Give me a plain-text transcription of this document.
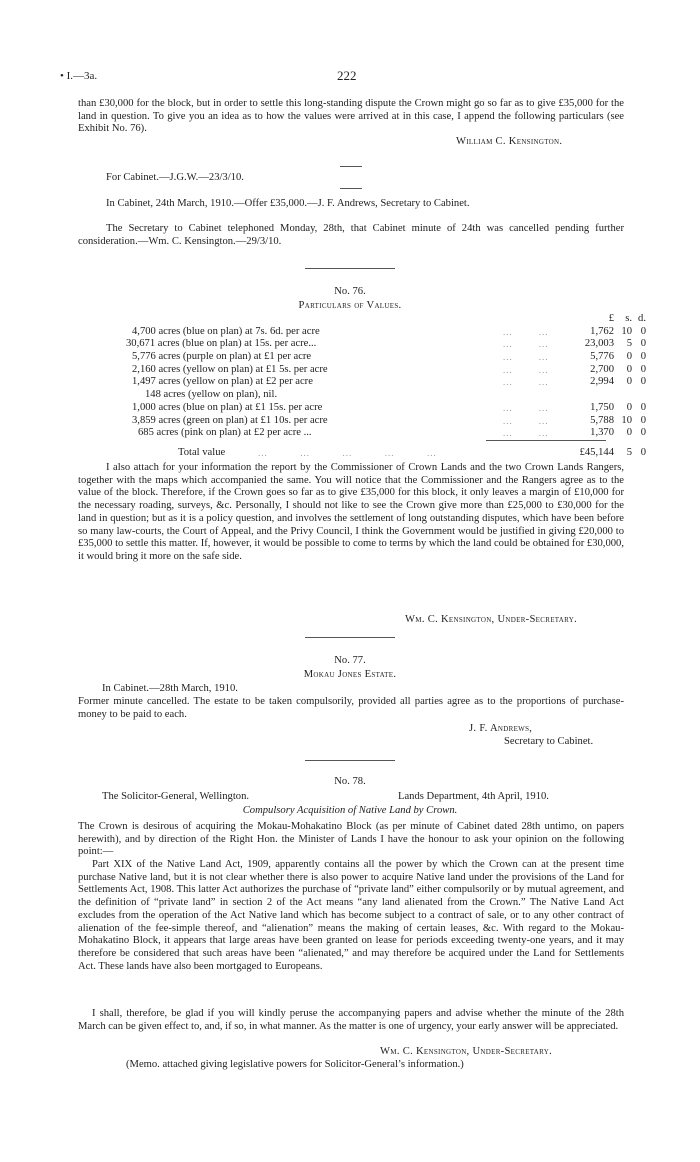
• I.—3a.	222
than £30,000 for the block, but in order to settle this long-standing dispute the Crown might go so far as to give £35,000 for the land in question. To give you an idea as to how the values were arrived at in this case, I append the following particulars (see Exhibit No. 76).
William C. Kensington.
For Cabinet.—J.G.W.—23/3/10.
In Cabinet, 24th March, 1910.—Offer £35,000.—J. F. Andrews, Secretary to Cabinet.
The Secretary to Cabinet telephoned Monday, 28th, that Cabinet minute of 24th was cancelled pending further consideration.—Wm. C. Kensington.—29/3/10.
No. 76.
Particulars of Values.
£	s. d.
4,700 acres (blue on plan) at 7s. 6d. per acre	...        ...	1,762 10 0
30,671 acres (blue on plan) at 15s. per acre...	...        ...	23,003	5 0
5,776 acres (purple on plan) at £1 per acre	...        ...	5,776	0 0
2,160 acres (yellow on plan) at £1 5s. per acre	...        ...	2,700	0 0
1,497 acres (yellow on plan) at £2 per acre	...        ...	2,994	0 0
148 acres (yellow on plan), nil.
1,000 acres (blue on plan) at £1 15s. per acre	...        ...	1,750	0 0
3,859 acres (green on plan) at £1 10s. per acre	...        ...	5,788 10 0
685 acres (pink on plan) at £2 per acre ...	...        ...	1,370	0 0
Total value	...          ...          ...          ...          ...	£45,144	5 0
I also attach for your information the report by the Commissioner of Crown Lands and the two Crown Lands Rangers, together with the maps which accompanied the same. You will notice that the Commissioner and the Rangers agree as to the value of the block. Therefore, if the Crown goes so far as to give £35,000 for this block, it only leaves a margin of £10,000 for the necessary roading, surveys, &c. Personally, I should not like to see the Crown give more than £25,000 to £30,000 for the land in question; but as it is a policy question, and involves the settlement of long outstanding disputes, which have been before so many law-courts, the Court of Appeal, and the Privy Council, I think the Government would be justified in giving £20,000 to £35,000 to settle this matter. If, however, it would be possible to come to terms by which the land could be obtained for £30,000, it would bring it more on the safe side.
Wm. C. Kensington, Under-Secretary.
No. 77.
Mokau Jones Estate.
In Cabinet.—28th March, 1910.
Former minute cancelled. The estate to be taken compulsorily, provided all parties agree as to the proportions of purchase-money to be paid to each.
J. F. Andrews,
Secretary to Cabinet.
No. 78.
The Solicitor-General, Wellington.	Lands Department, 4th April, 1910.
Compulsory Acquisition of Native Land by Crown.
The Crown is desirous of acquiring the Mokau-Mohakatino Block (as per minute of Cabinet dated 28th untimo, on papers herewith), and by direction of the Right Hon. the Minister of Lands I have the honour to ask your opinion on the following point:—
Part XIX of the Native Land Act, 1909, apparently contains all the power by which the Crown can at the present time purchase Native land, but it is not clear whether there is also power to acquire Native land under the provisions of the Land for Settlements Act, 1908. This latter Act authorizes the purchase of “private land” either compulsorily or by mutual agreement, and the definition of “private land” in section 2 of the Act means “any land alienated from the Crown.” The Native Land Act excludes from the operation of the Act Native land which has become subject to a contract of sale, or to any other contract of alienation of the fee-simple thereof, and “alienation” means the making of certain leases, &c. With regard to the Mokau-Mohakatino Block, it appears that large areas have been granted on lease for periods exceeding twenty-one years, and it may therefore be considered that such areas have been “alienated,” and may therefore be acquired under the Land for Settlements Act. These lands have also been mortgaged to Europeans.
I shall, therefore, be glad if you will kindly peruse the accompanying papers and advise whether the minute of the 28th March can be given effect to, and, if so, in what manner. As the matter is one of urgency, your early answer will be appreciated.
Wm. C. Kensington, Under-Secretary.
(Memo. attached giving legislative powers for Solicitor-General’s information.)
